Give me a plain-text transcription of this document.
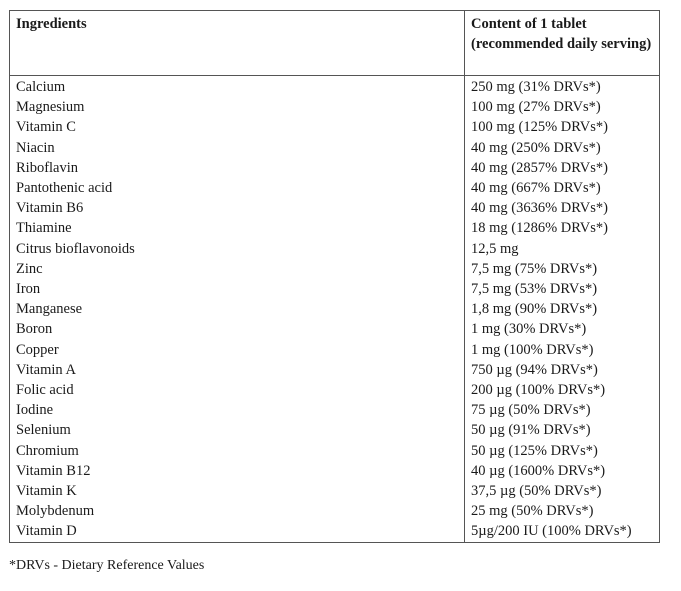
Ingredients	Content of 1 tablet (recommended daily serving)
Calcium	250 mg (31% DRVs*)
Magnesium	100 mg (27% DRVs*)
Vitamin C	100 mg (125% DRVs*)
Niacin	40 mg (250% DRVs*)
Riboflavin	40 mg (2857% DRVs*)
Pantothenic acid	40 mg (667% DRVs*)
Vitamin B6	40 mg (3636% DRVs*)
Thiamine	18 mg (1286% DRVs*)
Citrus bioflavonoids	12,5 mg
Zinc	7,5 mg (75% DRVs*)
Iron	7,5 mg (53% DRVs*)
Manganese	1,8 mg (90% DRVs*)
Boron	1 mg (30% DRVs*)
Copper	1 mg (100% DRVs*)
Vitamin A	750 µg (94% DRVs*)
Folic acid	200 µg (100% DRVs*)
Iodine	75 µg (50% DRVs*)
Selenium	50 µg (91% DRVs*)
Chromium	50 µg (125% DRVs*)
Vitamin B12	40 µg (1600% DRVs*)
Vitamin K	37,5 µg (50% DRVs*)
Molybdenum	25 mg (50% DRVs*)
Vitamin D	5µg/200 IU (100% DRVs*)
*DRVs - Dietary Reference Values
